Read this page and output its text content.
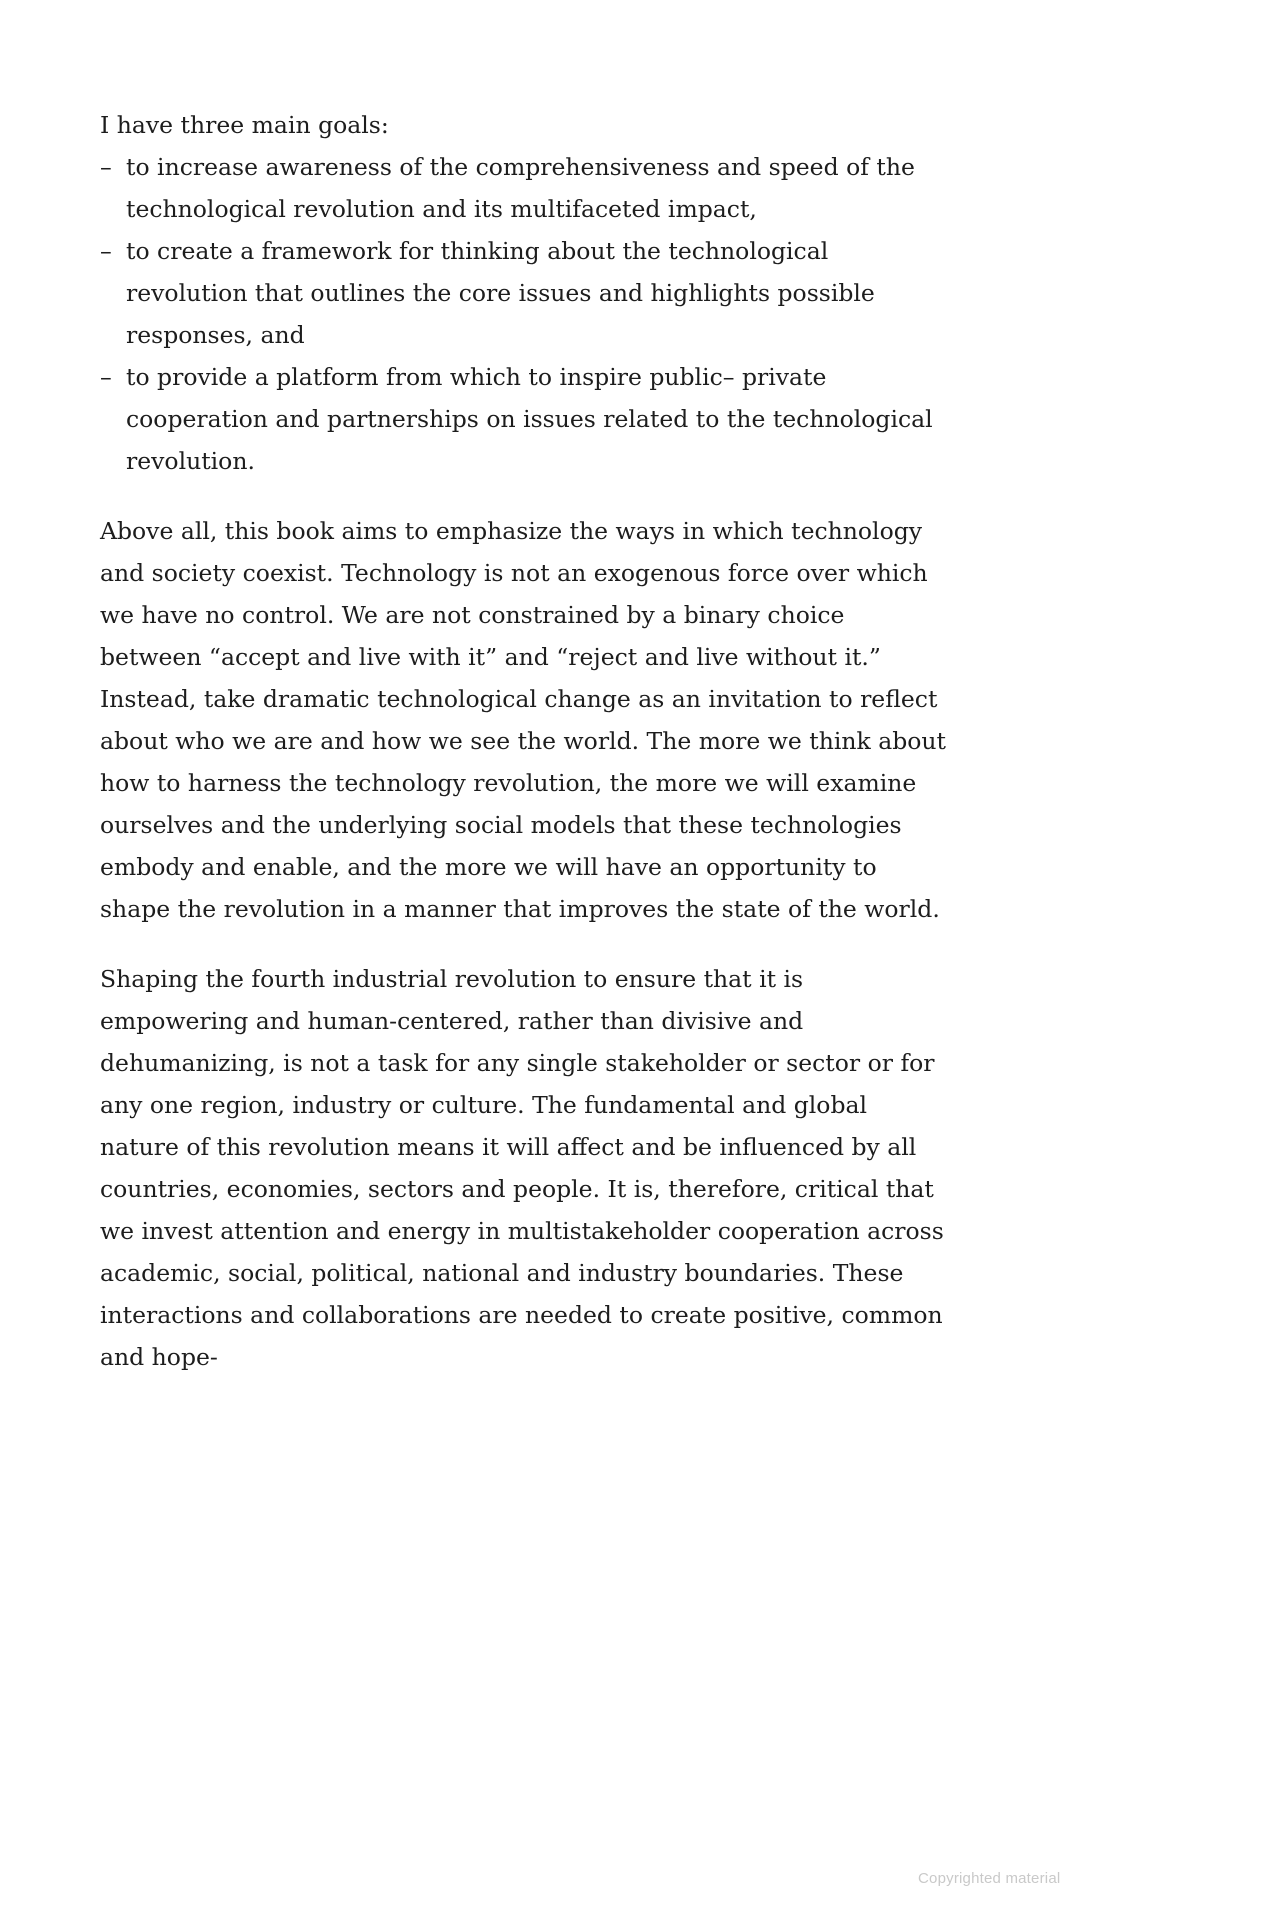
I have three main goals:

– to increase awareness of the comprehensiveness and speed of the technological revolution and its multifaceted impact,
– to create a framework for thinking about the technological revolution that outlines the core issues and highlights possible responses, and
– to provide a platform from which to inspire public– private cooperation and partnerships on issues related to the technological revolution.

Above all, this book aims to emphasize the ways in which technology and society coexist. Technology is not an exogenous force over which we have no control. We are not constrained by a binary choice between “accept and live with it” and “reject and live without it.” Instead, take dramatic technological change as an invitation to reflect about who we are and how we see the world. The more we think about how to harness the technology revolution, the more we will examine ourselves and the underlying social models that these technologies embody and enable, and the more we will have an opportunity to shape the revolution in a manner that improves the state of the world.

Shaping the fourth industrial revolution to ensure that it is empowering and human-centered, rather than divisive and dehumanizing, is not a task for any single stakeholder or sector or for any one region, industry or culture. The fundamental and global nature of this revolution means it will affect and be influenced by all countries, economies, sectors and people. It is, therefore, critical that we invest attention and energy in multistakeholder cooperation across academic, social, political, national and industry boundaries. These interactions and collaborations are needed to create positive, common and hope-

Copyrighted material
